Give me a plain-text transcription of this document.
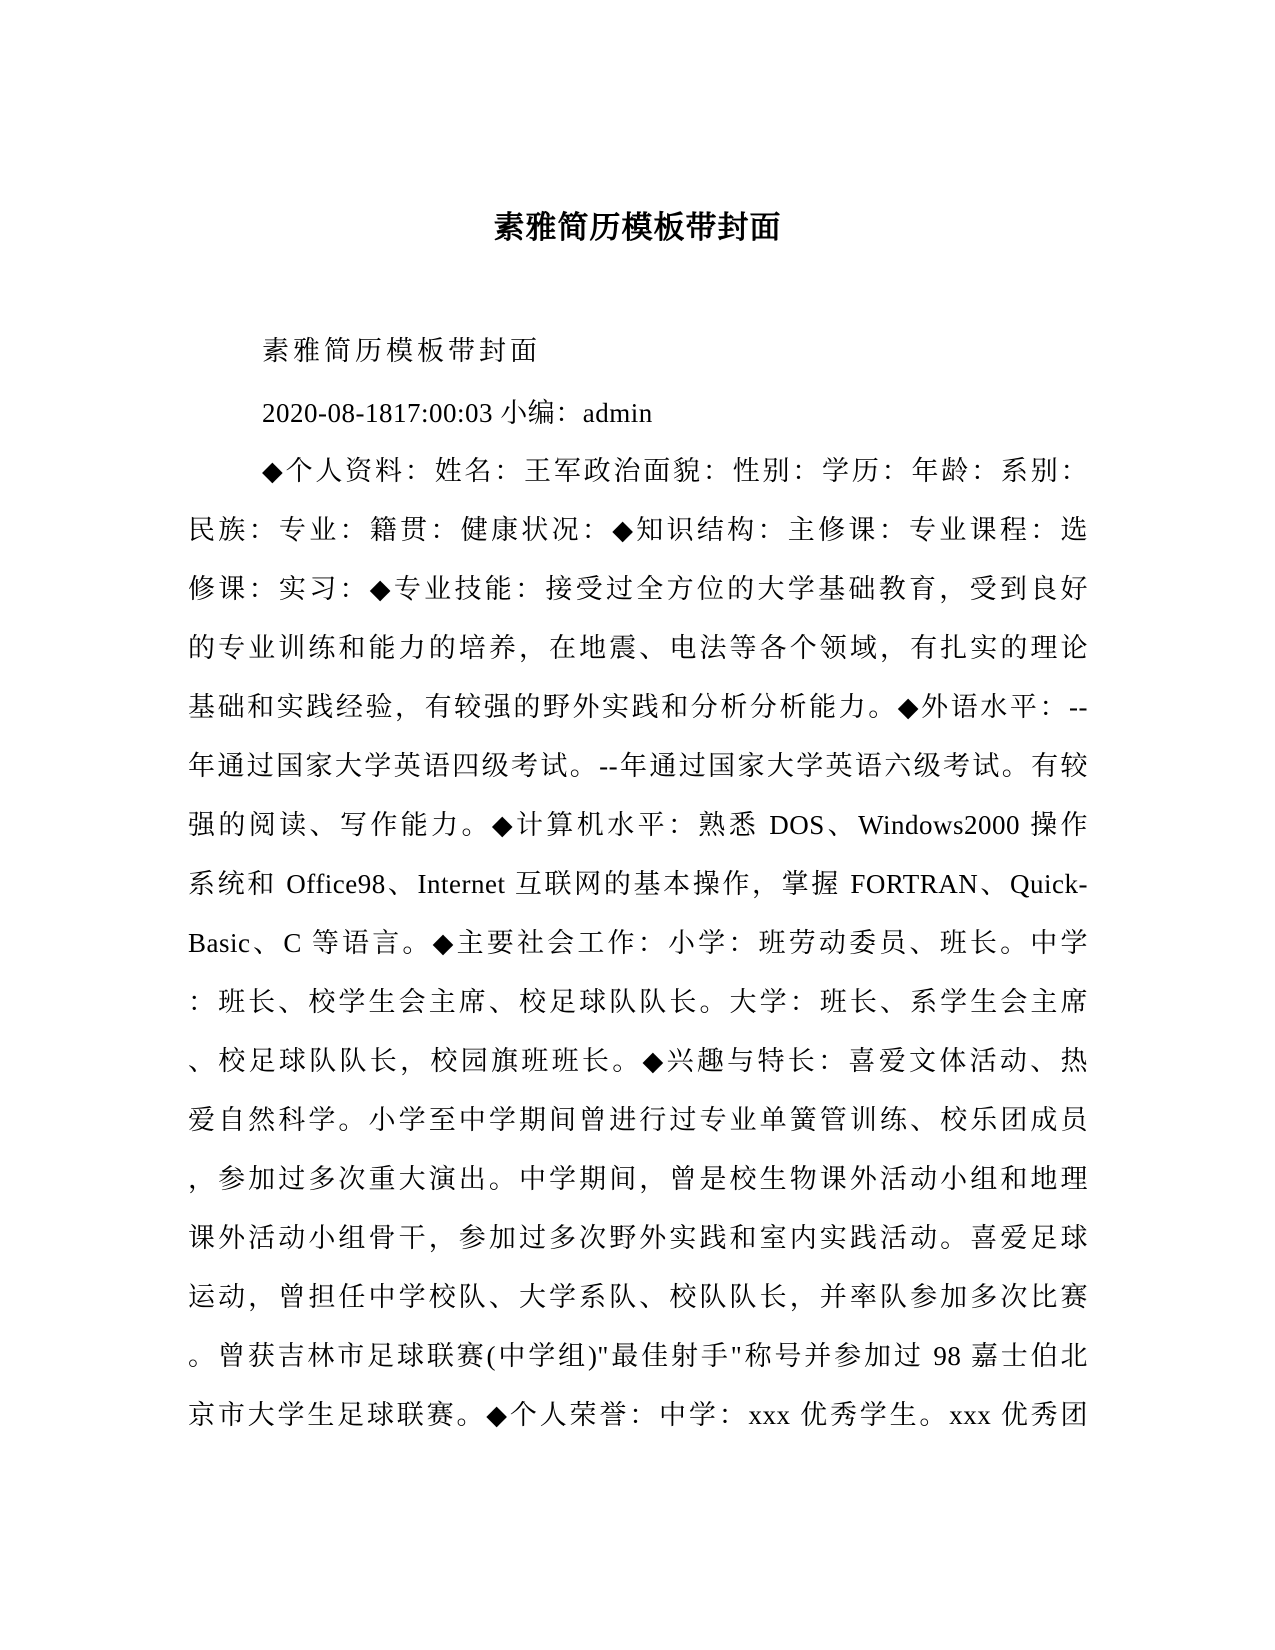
素雅简历模板带封面
素雅简历模板带封面
2020-08-1817:00:03 小编：admin
◆个人资料：姓名：王军政治面貌：性别：学历：年龄：系别：
民族：专业：籍贯：健康状况：◆知识结构：主修课：专业课程：选
修课：实习：◆专业技能：接受过全方位的大学基础教育，受到良好
的专业训练和能力的培养，在地震、电法等各个领域，有扎实的理论
基础和实践经验，有较强的野外实践和分析分析能力。◆外语水平：--
年通过国家大学英语四级考试。--年通过国家大学英语六级考试。有较
强的阅读、写作能力。◆计算机水平：熟悉 DOS、Windows2000 操作
系统和 Office98、Internet 互联网的基本操作，掌握 FORTRAN、Quick-
Basic、C 等语言。◆主要社会工作：小学：班劳动委员、班长。中学
：班长、校学生会主席、校足球队队长。大学：班长、系学生会主席
、校足球队队长，校园旗班班长。◆兴趣与特长：喜爱文体活动、热
爱自然科学。小学至中学期间曾进行过专业单簧管训练、校乐团成员
，参加过多次重大演出。中学期间，曾是校生物课外活动小组和地理
课外活动小组骨干，参加过多次野外实践和室内实践活动。喜爱足球
运动，曾担任中学校队、大学系队、校队队长，并率队参加多次比赛
。曾获吉林市足球联赛(中学组)"最佳射手"称号并参加过 98 嘉士伯北
京市大学生足球联赛。◆个人荣誉：中学：xxx 优秀学生。xxx 优秀团
